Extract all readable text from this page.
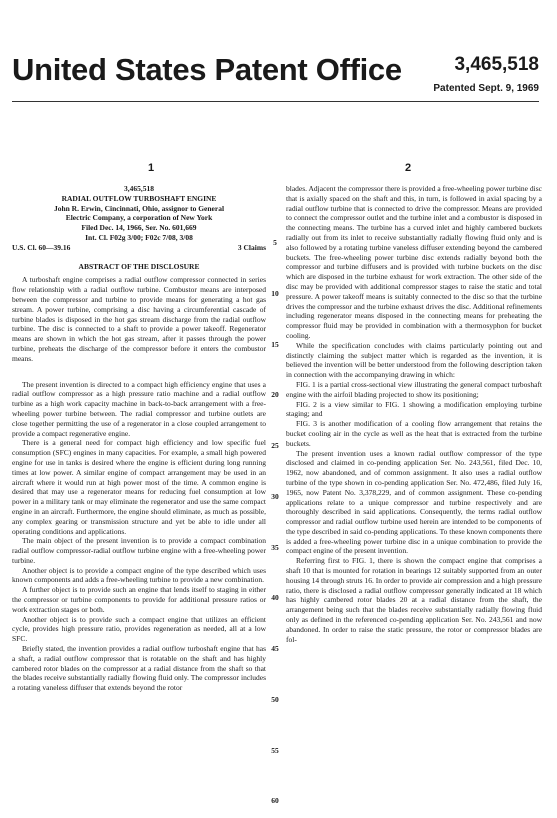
United States Patent Office	3,465,518
Patented Sept. 9, 1969
1	2

3,465,518

RADIAL OUTFLOW TURBOSHAFT ENGINE

John R. Erwin, Cincinnati, Ohio, assignor to General

Electric Company, a corporation of New York

Filed Dec. 14, 1966, Ser. No. 601,669

Int. Cl. F02g 3/00; F02c 7/08, 3/08

U.S. Cl. 60—39.16	3 Claims

ABSTRACT OF THE DISCLOSURE

A turboshaft engine comprises a radial outflow compressor connected in series flow relationship with a radial outflow turbine. Combustor means are interposed between the compressor and turbine to provide means for generating a hot gas stream. A power turbine, comprising a disc having a circumferential cascade of turbine blades is disposed in the hot gas stream discharge from the radial outflow turbine. The disc is connected to a shaft to provide a power takeoff. Regenerator means are shown in which the hot gas stream, after it passes through the power turbine, preheats the discharge of the compressor before it enters the combustor means.

The present invention is directed to a compact high efficiency engine that uses a radial outflow compressor as a high pressure ratio machine and a radial outflow turbine as a high work capacity machine in back-to-back arrangement with a free-wheeling power turbine between. The radial compressor and turbine outlets are close together permitting the use of a regenerator in a close coupled arrangement to provide a compact regenerative engine.

There is a general need for compact high efficiency and low specific fuel consumption (SFC) engines in many capacities. For example, a small high powered engine for use in tanks is desired where the engine is efficient during long running times at low power. A similar engine of compact arrangement may be used in an aircraft where it would run at high power most of the time. A common engine is desired that may use a regenerator means for reducing fuel consumption at low power in a military tank or may eliminate the regenerator and use the same compact engine in an aircraft. Furthermore, the engine should eliminate, as much as possible, any complex gearing or transmission structure and yet be able to idle under all operating conditions and applications.

The main object of the present invention is to provide a compact combination radial outflow compressor-radial outflow turbine engine with a free-wheeling power turbine.

Another object is to provide a compact engine of the type described which uses known components and adds a free-wheeling turbine to provide a new combination.

A further object is to provide such an engine that lends itself to staging in either the compressor or turbine components to provide for additional pressure ratios or work extraction stages or both.

Another object is to provide such a compact engine that utilizes an efficient cycle, provides high pressure ratio, provides regeneration as needed, all at a low SFC.

Briefly stated, the invention provides a radial outflow turboshaft engine that has a shaft, a radial outflow compressor that is rotatable on the shaft and has highly cambered rotor blades on the compressor at a radial distance from the shaft so that the blades receive substantially radially flowing fluid only. The compressor includes a rotating vaneless diffuser that extends beyond the rotor

5
10
15
20
25
30
35
40
45
50
55
60

blades. Adjacent the compressor there is provided a free-wheeling power turbine disc that is axially spaced on the shaft and this, in turn, is followed in axial spacing by a radial outflow turbine that is connected to drive the compressor. Means are provided to connect the compressor outlet and the turbine inlet and a combustor is disposed in the connecting means. The turbine has a curved inlet and highly cambered buckets radially out from its inlet to receive substantially radially flowing fluid only and is also followed by a rotating turbine vaneless diffuser extending beyond the cambered buckets. The free-wheeling power turbine disc extends radially beyond both the compressor and turbine diffusers and is provided with turbine buckets on the disc which are disposed in the turbine exhaust for work extraction. The other side of the disc may be provided with additional compressor stages to raise the static and total pressure. A power takeoff means is suitably connected to the disc so that the turbine drives the compressor and the turbine exhaust drives the disc. Additional refinements including regenerator means disposed in the connecting means for preheating the compressor fluid may be provided in combination with a thermosyphon for bucket cooling.

While the specification concludes with claims particularly pointing out and distinctly claiming the subject matter which is regarded as the invention, it is believed the invention will be better understood from the following description taken in connection with the accompanying drawing in which:

FIG. 1 is a partial cross-sectional view illustrating the general compact turboshaft engine with the airfoil blading projected to show its positioning;

FIG. 2 is a view similar to FIG. 1 showing a modification employing turbine staging; and

FIG. 3 is another modification of a cooling flow arrangement that retains the bucket cooling air in the cycle as well as the heat that is extracted from the turbine buckets.

The present invention uses a known radial outflow compressor of the type disclosed and claimed in co-pending application Ser. No. 243,561, filed Dec. 10, 1962, now abandoned, and of common assignment. It also uses a radial outflow turbine of the type shown in co-pending application Ser. No. 472,486, filed July 16, 1965, now Patent No. 3,378,229, and of common assignment. These co-pending applications relate to a unique compressor and turbine respectively and are thoroughly described in said applications. Consequently, the terms radial outflow compressor and radial outflow turbine used herein are intended to be components of the type described in said co-pending applications. To these known components there is added a free-wheeling power turbine disc in a unique combination to provide the compact engine of the present invention.

Referring first to FIG. 1, there is shown the compact engine that comprises a shaft 10 that is mounted for rotation in bearings 12 suitably supported from an outer housing 14 through struts 16. In order to provide air compression and a high pressure ratio, there is disclosed a radial outflow compressor generally indicated at 18 which has highly cambered rotor blades 20 at a radial distance from the shaft, the arrangement being such that the blades receive substantially radially flowing fluid only as defined in the referenced co-pending application Ser. No. 243,561 and now abandoned. In order to raise the static pressure, the rotor or compressor blades are fol-
